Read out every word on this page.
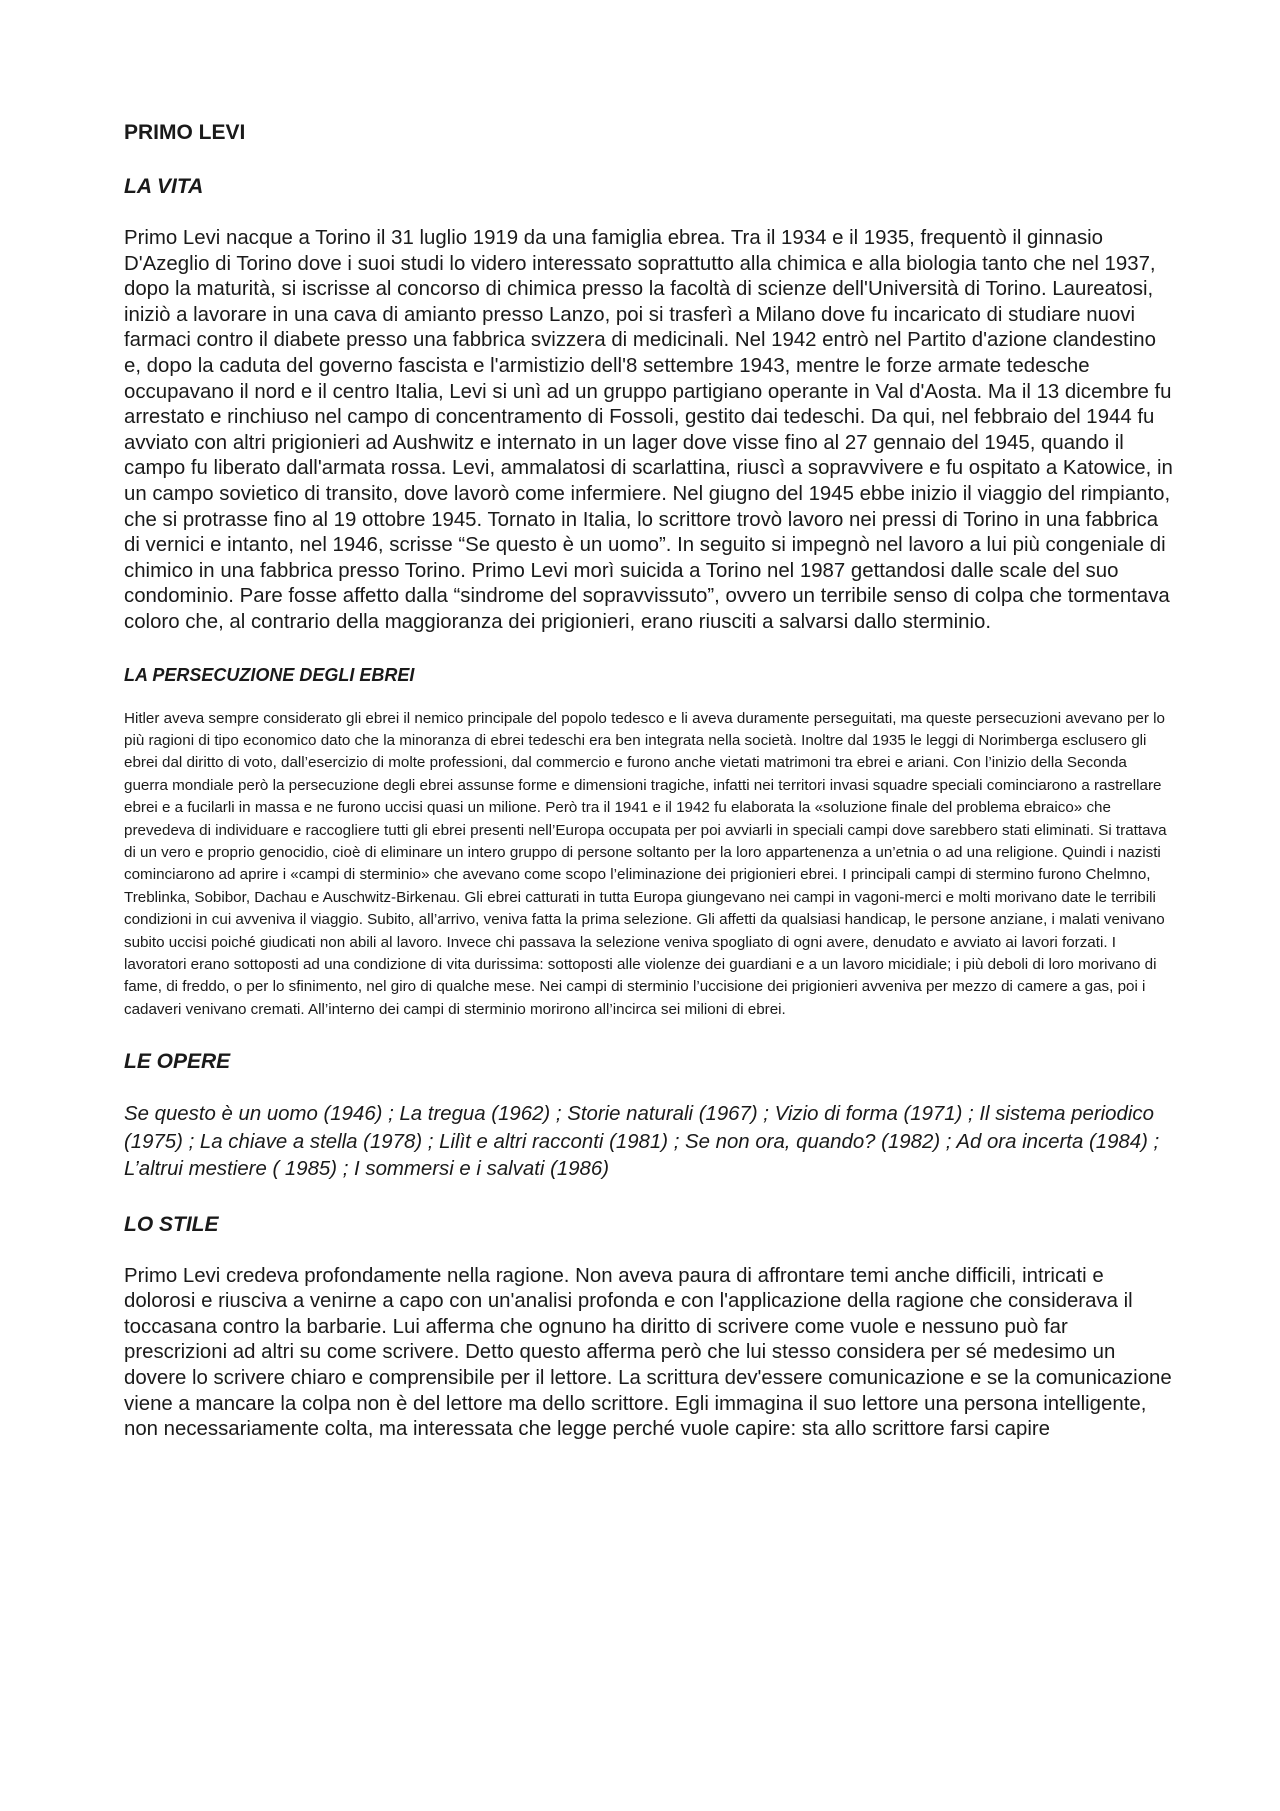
PRIMO LEVI
LA VITA

Primo Levi nacque a Torino il 31 luglio 1919 da una famiglia ebrea. Tra il 1934 e il 1935, frequentò il ginnasio D'Azeglio di Torino dove i suoi studi lo videro interessato soprattutto alla chimica e alla biologia tanto che nel 1937, dopo la maturità, si iscrisse al concorso di chimica presso la facoltà di scienze dell'Università di Torino. Laureatosi, iniziò a lavorare in una cava di amianto presso Lanzo, poi si trasferì a Milano dove fu incaricato di studiare nuovi farmaci contro il diabete presso una fabbrica svizzera di medicinali. Nel 1942 entrò nel Partito d'azione clandestino e, dopo la caduta del governo fascista e l'armistizio dell'8 settembre 1943, mentre le forze armate tedesche occupavano il nord e il centro Italia, Levi si unì ad un gruppo partigiano operante in Val d'Aosta. Ma il 13 dicembre fu arrestato e rinchiuso nel campo di concentramento di Fossoli, gestito dai tedeschi. Da qui, nel febbraio del 1944 fu avviato con altri prigionieri ad Aushwitz e internato in un lager dove visse fino al 27 gennaio del 1945, quando il campo fu liberato dall'armata rossa. Levi, ammalatosi di scarlattina, riuscì a sopravvivere e fu ospitato a Katowice, in un campo sovietico di transito, dove lavorò come infermiere. Nel giugno del 1945 ebbe inizio il viaggio del rimpianto, che si protrasse fino al 19 ottobre 1945. Tornato in Italia, lo scrittore trovò lavoro nei pressi di Torino in una fabbrica di vernici e intanto, nel 1946, scrisse “Se questo è un uomo”. In seguito si impegnò nel lavoro a lui più congeniale di chimico in una fabbrica presso Torino. Primo Levi morì suicida a Torino nel 1987 gettandosi dalle scale del suo condominio. Pare fosse affetto dalla “sindrome del sopravvissuto”, ovvero un terribile senso di colpa che tormentava coloro che, al contrario della maggioranza dei prigionieri, erano riusciti a salvarsi dallo sterminio.

LA PERSECUZIONE DEGLI EBREI

Hitler aveva sempre considerato gli ebrei il nemico principale del popolo tedesco e li aveva duramente perseguitati, ma queste persecuzioni avevano per lo più ragioni di tipo economico dato che la minoranza di ebrei tedeschi era ben integrata nella società. Inoltre dal 1935 le leggi di Norimberga esclusero gli ebrei dal diritto di voto, dall’esercizio di molte professioni, dal commercio e furono anche vietati matrimoni tra ebrei e ariani. Con l’inizio della Seconda guerra mondiale però la persecuzione degli ebrei assunse forme e dimensioni tragiche, infatti nei territori invasi squadre speciali cominciarono a rastrellare ebrei e a fucilarli in massa e ne furono uccisi quasi un milione. Però tra il 1941 e il 1942 fu elaborata la «soluzione finale del problema ebraico» che prevedeva di individuare e raccogliere tutti gli ebrei presenti nell’Europa occupata per poi avviarli in speciali campi dove sarebbero stati eliminati. Si trattava di un vero e proprio genocidio, cioè di eliminare un intero gruppo di persone soltanto per la loro appartenenza a un’etnia o ad una religione. Quindi i nazisti cominciarono ad aprire i «campi di sterminio» che avevano come scopo l’eliminazione dei prigionieri ebrei. I principali campi di stermino furono Chelmno, Treblinka, Sobibor, Dachau e Auschwitz-Birkenau. Gli ebrei catturati in tutta Europa giungevano nei campi in vagoni-merci e molti morivano date le terribili condizioni in cui avveniva il viaggio. Subito, all’arrivo, veniva fatta la prima selezione. Gli affetti da qualsiasi handicap, le persone anziane, i malati venivano subito uccisi poiché giudicati non abili al lavoro. Invece chi passava la selezione veniva spogliato di ogni avere, denudato e avviato ai lavori forzati. I lavoratori erano sottoposti ad una condizione di vita durissima: sottoposti alle violenze dei guardiani e a un lavoro micidiale; i più deboli di loro morivano di fame, di freddo, o per lo sfinimento, nel giro di qualche mese. Nei campi di sterminio l’uccisione dei prigionieri avveniva per mezzo di camere a gas, poi i cadaveri venivano cremati. All’interno dei campi di sterminio morirono all’incirca sei milioni di ebrei.

LE OPERE

Se questo è un uomo (1946) ; La tregua (1962) ; Storie naturali (1967) ; Vizio di forma (1971) ; Il sistema periodico (1975) ; La chiave a stella (1978) ; Lilìt e altri racconti (1981) ; Se non ora, quando? (1982) ; Ad ora incerta (1984) ; L’altrui mestiere ( 1985) ; I sommersi e i salvati (1986)

LO STILE

Primo Levi credeva profondamente nella ragione. Non aveva paura di affrontare temi anche difficili, intricati e dolorosi e riusciva a venirne a capo con un'analisi profonda e con l'applicazione della ragione che considerava il toccasana contro la barbarie. Lui afferma che ognuno ha diritto di scrivere come vuole e nessuno può far prescrizioni ad altri su come scrivere. Detto questo afferma però che lui stesso considera per sé medesimo un dovere lo scrivere chiaro e comprensibile per il lettore. La scrittura dev'essere comunicazione e se la comunicazione viene a mancare la colpa non è del lettore ma dello scrittore. Egli immagina il suo lettore una persona intelligente, non necessariamente colta, ma interessata che legge perché vuole capire: sta allo scrittore farsi capire
